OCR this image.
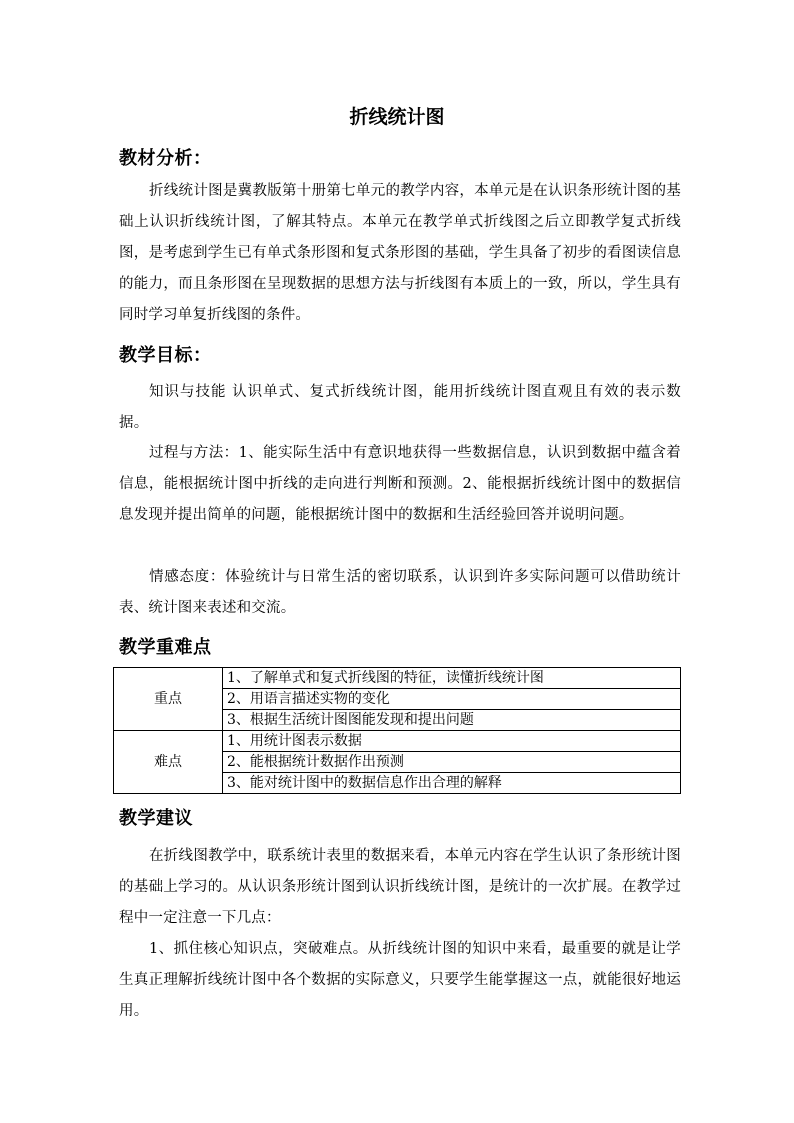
折线统计图
教材分析：

折线统计图是冀教版第十册第七单元的教学内容，本单元是在认识条形统计图的基础上认识折线统计图，了解其特点。本单元在教学单式折线图之后立即教学复式折线图，是考虑到学生已有单式条形图和复式条形图的基础，学生具备了初步的看图读信息的能力，而且条形图在呈现数据的思想方法与折线图有本质上的一致，所以，学生具有同时学习单复折线图的条件。

教学目标：

知识与技能 认识单式、复式折线统计图，能用折线统计图直观且有效的表示数据。

过程与方法：1、能实际生活中有意识地获得一些数据信息，认识到数据中蕴含着信息，能根据统计图中折线的走向进行判断和预测。2、能根据折线统计图中的数据信息发现并提出简单的问题，能根据统计图中的数据和生活经验回答并说明问题。

情感态度：体验统计与日常生活的密切联系，认识到许多实际问题可以借助统计表、统计图来表述和交流。

教学重难点
重点	1、了解单式和复式折线图的特征，读懂折线统计图
	2、用语言描述实物的变化
	3、根据生活统计图图能发现和提出问题
难点	1、用统计图表示数据
	2、能根据统计数据作出预测
	3、能对统计图中的数据信息作出合理的解释
教学建议

在折线图教学中，联系统计表里的数据来看，本单元内容在学生认识了条形统计图的基础上学习的。从认识条形统计图到认识折线统计图，是统计的一次扩展。在教学过程中一定注意一下几点：

1、抓住核心知识点，突破难点。从折线统计图的知识中来看，最重要的就是让学生真正理解折线统计图中各个数据的实际意义，只要学生能掌握这一点，就能很好地运用。
